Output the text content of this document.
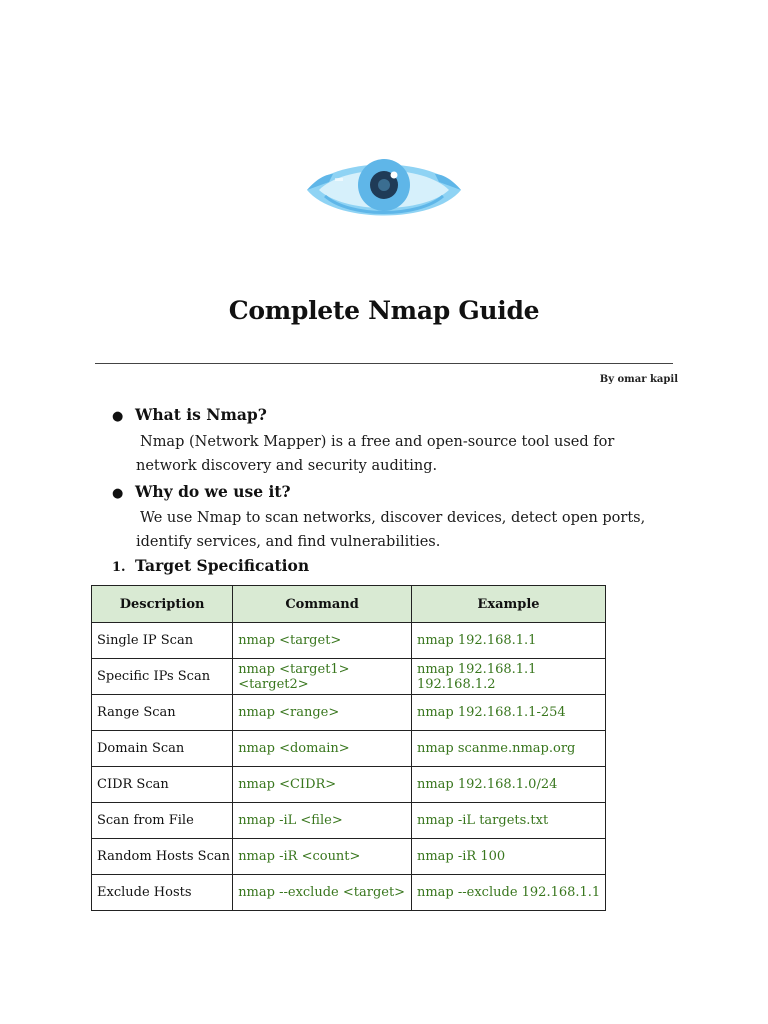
Complete Nmap Guide
By omar kapil
● What is Nmap?
Nmap (Network Mapper) is a free and open-source tool used for network discovery and security auditing.
● Why do we use it?
We use Nmap to scan networks, discover devices, detect open ports, identify services, and find vulnerabilities.
1. Target Specification
Description	Command	Example
Single IP Scan	nmap <target>	nmap 192.168.1.1
Specific IPs Scan	nmap <target1> <target2>	nmap 192.168.1.1 192.168.1.2
Range Scan	nmap <range>	nmap 192.168.1.1-254
Domain Scan	nmap <domain>	nmap scanme.nmap.org
CIDR Scan	nmap <CIDR>	nmap 192.168.1.0/24
Scan from File	nmap -iL <file>	nmap -iL targets.txt
Random Hosts Scan	nmap -iR <count>	nmap -iR 100
Exclude Hosts	nmap --exclude <target>	nmap --exclude 192.168.1.1
